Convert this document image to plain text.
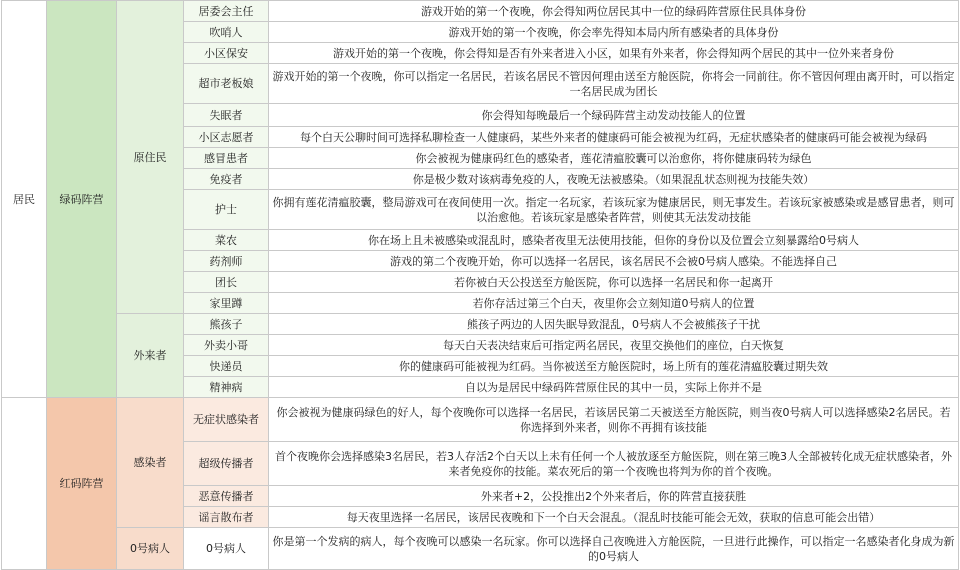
居民	绿码阵营	原住民	居委会主任	游戏开始的第一个夜晚，你会得知两位居民其中一位的绿码阵营原住民具体身份
			吹哨人	游戏开始的第一个夜晚，你会率先得知本局内所有感染者的具体身份
			小区保安	游戏开始的第一个夜晚，你会得知是否有外来者进入小区，如果有外来者，你会得知两个居民的其中一位外来者身份
			超市老板娘	游戏开始的第一个夜晚，你可以指定一名居民，若该名居民不管因何理由送至方舱医院，你将会一同前往。你不管因何理由离开时，可以指定一名居民成为团长
			失眠者	你会得知每晚最后一个绿码阵营主动发动技能人的位置
			小区志愿者	每个白天公聊时间可选择私聊检查一人健康码，某些外来者的健康码可能会被视为红码，无症状感染者的健康码可能会被视为绿码
			感冒患者	你会被视为健康码红色的感染者，莲花清瘟胶囊可以治愈你，将你健康码转为绿色
			免疫者	你是极少数对该病毒免疫的人，夜晚无法被感染。（如果混乱状态则视为技能失效）
			护士	你拥有莲花清瘟胶囊，整局游戏可在夜间使用一次。指定一名玩家，若该玩家为健康居民，则无事发生。若该玩家被感染或是感冒患者，则可以治愈他。若该玩家是感染者阵营，则使其无法发动技能
			菜农	你在场上且未被感染或混乱时，感染者夜里无法使用技能，但你的身份以及位置会立刻暴露给0号病人
			药剂师	游戏的第二个夜晚开始，你可以选择一名居民，该名居民不会被0号病人感染。不能选择自己
			团长	若你被白天公投送至方舱医院，你可以选择一名居民和你一起离开
			家里蹲	若你存活过第三个白天，夜里你会立刻知道0号病人的位置
		外来者	熊孩子	熊孩子两边的人因失眠导致混乱，0号病人不会被熊孩子干扰
			外卖小哥	每天白天表决结束后可指定两名居民，夜里交换他们的座位，白天恢复
			快递员	你的健康码可能被视为红码。当你被送至方舱医院时，场上所有的莲花清瘟胶囊过期失效
			精神病	自以为是居民中绿码阵营原住民的其中一员，实际上你并不是
	红码阵营	感染者	无症状感染者	你会被视为健康码绿色的好人，每个夜晚你可以选择一名居民，若该居民第二天被送至方舱医院，则当夜0号病人可以选择感染2名居民。若你选择到外来者，则你不再拥有该技能
			超级传播者	首个夜晚你会选择感染3名居民，若3人存活2个白天以上未有任何一个人被放逐至方舱医院，则在第三晚3人全部被转化成无症状感染者，外来者免疫你的技能。菜农死后的第一个夜晚也将判为你的首个夜晚。
			恶意传播者	外来者+2，公投推出2个外来者后，你的阵营直接获胜
			谣言散布者	每天夜里选择一名居民，该居民夜晚和下一个白天会混乱。（混乱时技能可能会无效，获取的信息可能会出错）
		0号病人	0号病人	你是第一个发病的病人，每个夜晚可以感染一名玩家。你可以选择自己夜晚进入方舱医院，一旦进行此操作，可以指定一名感染者化身成为新的0号病人
